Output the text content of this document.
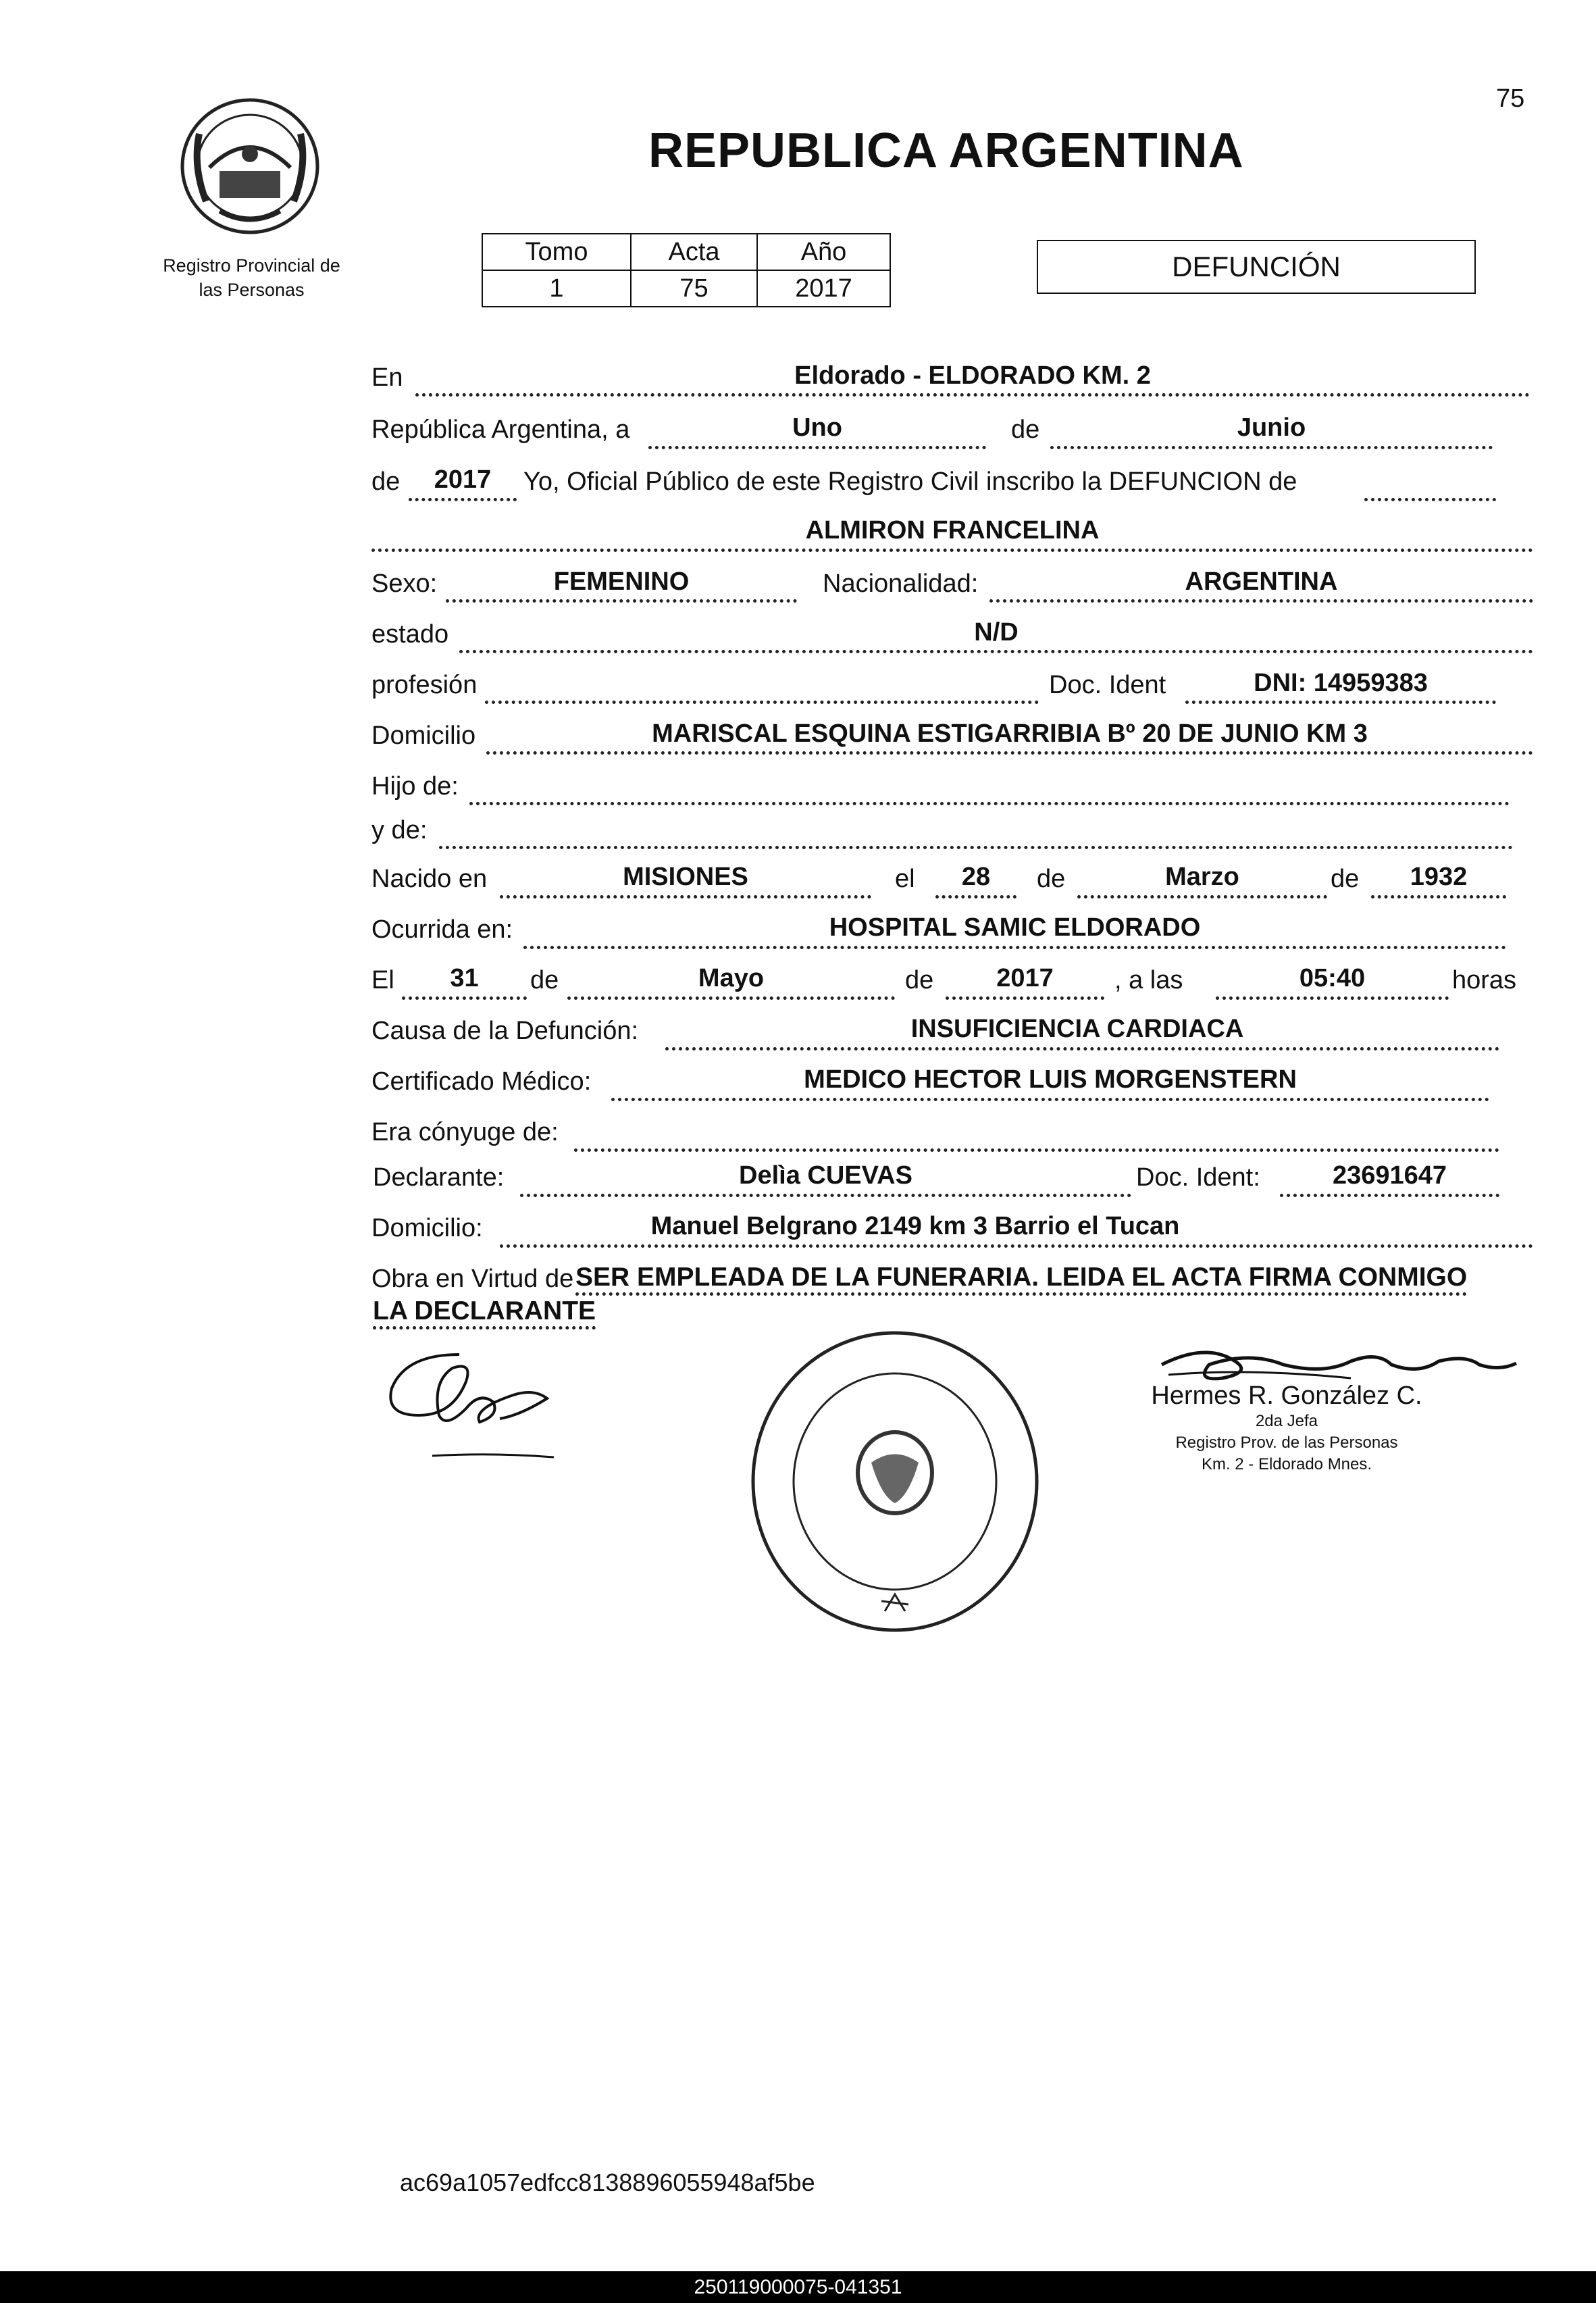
75
Registro Provincial de
las Personas
REPUBLICA ARGENTINA
Tomo	Acta	Año
1	75	2017
DEFUNCIÓN
En	Eldorado - ELDORADO KM. 2
República Argentina, a	Uno	de	Junio
de	2017	Yo, Oficial Público de este Registro Civil inscribo la DEFUNCION de
ALMIRON FRANCELINA
Sexo:	FEMENINO	Nacionalidad:	ARGENTINA
estado	N/D
profesión	Doc. Ident	DNI: 14959383
Domicilio	MARISCAL ESQUINA ESTIGARRIBIA Bº 20 DE JUNIO KM 3
Hijo de:
y de:
Nacido en	MISIONES	el	28	de	Marzo	de	1932
Ocurrida en:	HOSPITAL SAMIC ELDORADO
El	31	de	Mayo	de	2017	, a las	05:40	horas
Causa de la Defunción:	INSUFICIENCIA CARDIACA
Certificado Médico:	MEDICO HECTOR LUIS MORGENSTERN
Era cónyuge de:
Declarante:	Delìa CUEVAS	Doc. Ident:	23691647
Domicilio:	Manuel Belgrano 2149 km 3 Barrio el Tucan
Obra en Virtud de SER EMPLEADA DE LA FUNERARIA. LEIDA EL ACTA FIRMA CONMIGO
LA DECLARANTE
Hermes R. González C.
2da Jefa
Registro Prov. de las Personas
Km. 2 - Eldorado Mnes.
ac69a1057edfcc8138896055948af5be
250119000075-041351
